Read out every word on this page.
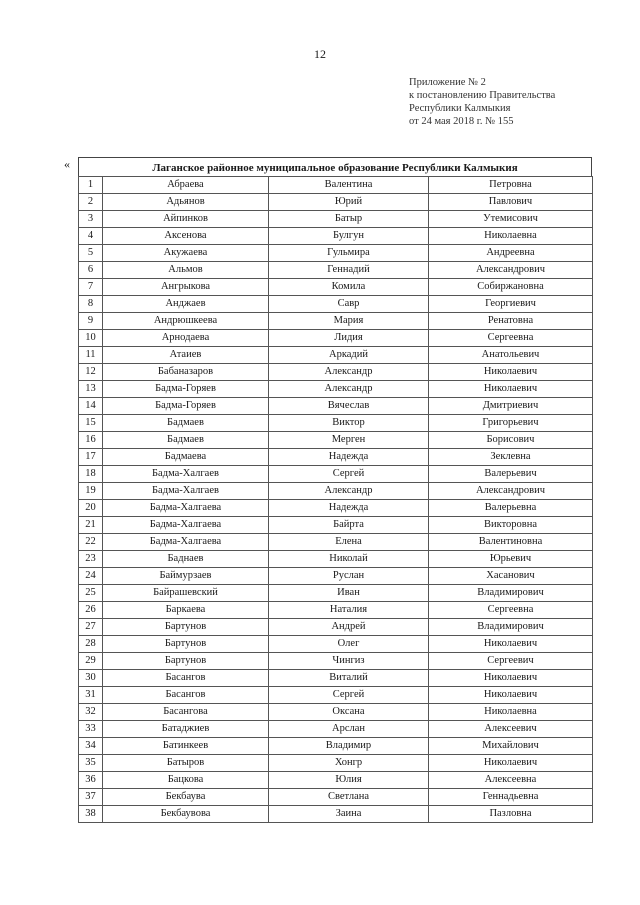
12
Приложение № 2
к постановлению Правительства
Республики Калмыкия
от 24 мая 2018 г. № 155
«	Лаганское районное муниципальное образование Республики Калмыкия
1	Абраева	Валентина	Петровна
2	Адьянов	Юрий	Павлович
3	Айпинков	Батыр	Утемисович
4	Аксенова	Булгун	Николаевна
5	Акужаева	Гульмира	Андреевна
6	Альмов	Геннадий	Александрович
7	Ангрыкова	Комила	Собиржановна
8	Анджаев	Савр	Георгиевич
9	Андрюшкеева	Мария	Ренатовна
10	Арнодаева	Лидия	Сергеевна
11	Атаиев	Аркадий	Анатольевич
12	Бабаназаров	Александр	Николаевич
13	Бадма-Горяев	Александр	Николаевич
14	Бадма-Горяев	Вячеслав	Дмитриевич
15	Бадмаев	Виктор	Григорьевич
16	Бадмаев	Мерген	Борисович
17	Бадмаева	Надежда	Зеклевна
18	Бадма-Халгаев	Сергей	Валерьевич
19	Бадма-Халгаев	Александр	Александрович
20	Бадма-Халгаева	Надежда	Валерьевна
21	Бадма-Халгаева	Байрта	Викторовна
22	Бадма-Халгаева	Елена	Валентиновна
23	Баднаев	Николай	Юрьевич
24	Баймурзаев	Руслан	Хасанович
25	Байрашевский	Иван	Владимирович
26	Баркаева	Наталия	Сергеевна
27	Бартунов	Андрей	Владимирович
28	Бартунов	Олег	Николаевич
29	Бартунов	Чингиз	Сергеевич
30	Басангов	Виталий	Николаевич
31	Басангов	Сергей	Николаевич
32	Басангова	Оксана	Николаевна
33	Батаджиев	Арслан	Алексеевич
34	Батинкеев	Владимир	Михайлович
35	Батыров	Хонгр	Николаевич
36	Бацкова	Юлия	Алексеевна
37	Бекбаува	Светлана	Геннадьевна
38	Бекбаувова	Заина	Пазловна
